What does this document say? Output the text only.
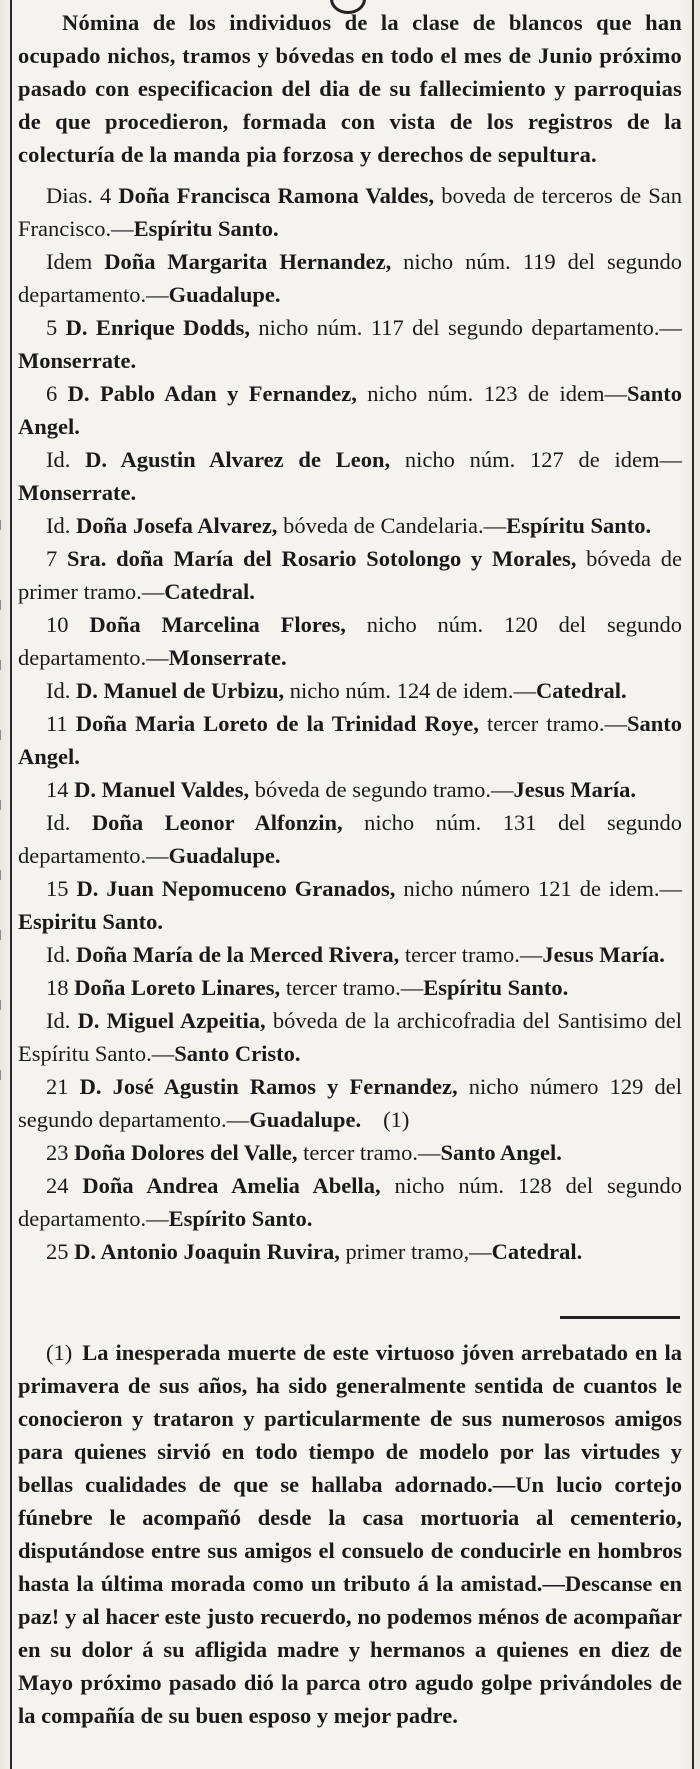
Nómina de los individuos de la clase de blancos que han ocupado nichos, tramos y bóvedas en todo el mes de Junio próximo pasado con especificacion del dia de su fallecimiento y parroquias de que procedieron, formada con vista de los registros de la colecturía de la manda pia forzosa y derechos de sepultura.

Dias. 4 Doña Francisca Ramona Valdes, boveda de terceros de San Francisco.—Espíritu Santo.

Idem Doña Margarita Hernandez, nicho núm. 119 del segundo departamento.—Guadalupe.

5 D. Enrique Dodds, nicho núm. 117 del segundo departamento.—Monserrate.

6 D. Pablo Adan y Fernandez, nicho núm. 123 de idem—Santo Angel.

Id. D. Agustin Alvarez de Leon, nicho núm. 127 de idem—Monserrate.

Id. Doña Josefa Alvarez, bóveda de Candelaria.—Espíritu Santo.

7 Sra. doña María del Rosario Sotolongo y Morales, bóveda de primer tramo.—Catedral.

10 Doña Marcelina Flores, nicho núm. 120 del segundo departamento.—Monserrate.

Id. D. Manuel de Urbizu, nicho núm. 124 de idem.—Catedral.

11 Doña Maria Loreto de la Trinidad Roye, tercer tramo.—Santo Angel.

14 D. Manuel Valdes, bóveda de segundo tramo.—Jesus María.

Id. Doña Leonor Alfonzin, nicho núm. 131 del segundo departamento.—Guadalupe.

15 D. Juan Nepomuceno Granados, nicho número 121 de idem.—Espiritu Santo.

Id. Doña María de la Merced Rivera, tercer tramo.—Jesus María.

18 Doña Loreto Linares, tercer tramo.—Espíritu Santo.

Id. D. Miguel Azpeitia, bóveda de la archicofradia del Santisimo del Espíritu Santo.—Santo Cristo.

21 D. José Agustin Ramos y Fernandez, nicho número 129 del segundo departamento.—Guadalupe. (1)

23 Doña Dolores del Valle, tercer tramo.—Santo Angel.

24 Doña Andrea Amelia Abella, nicho núm. 128 del segundo departamento.—Espírito Santo.

25 D. Antonio Joaquin Ruvira, primer tramo,—Catedral.

(1) La inesperada muerte de este virtuoso jóven arrebatado en la primavera de sus años, ha sido generalmente sentida de cuantos le conocieron y trataron y particularmente de sus numerosos amigos para quienes sirvió en todo tiempo de modelo por las virtudes y bellas cualidades de que se hallaba adornado.—Un lucio cortejo fúnebre le acompañó desde la casa mortuoria al cementerio, disputándose entre sus amigos el consuelo de conducirle en hombros hasta la última morada como un tributo á la amistad.—Descanse en paz! y al hacer este justo recuerdo, no podemos ménos de acompañar en su dolor á su afligida madre y hermanos a quienes en diez de Mayo próximo pasado dió la parca otro agudo golpe privándoles de la compañía de su buen esposo y mejor padre.
